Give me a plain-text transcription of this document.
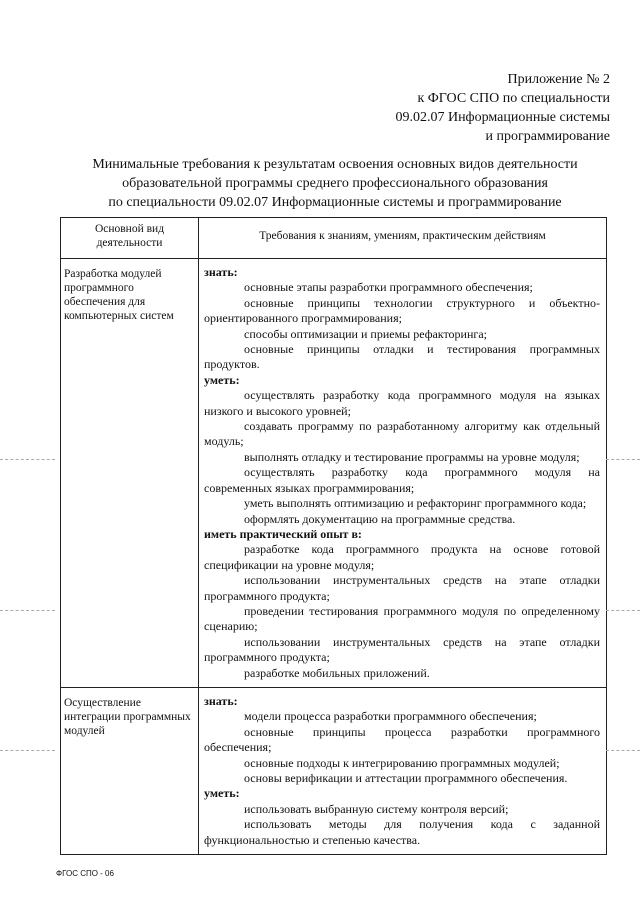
Приложение № 2
к ФГОС СПО по специальности
09.02.07 Информационные системы
и программирование
Минимальные требования к результатам освоения основных видов деятельности
образовательной программы среднего профессионального образования
по специальности 09.02.07 Информационные системы и программирование
Основной вид деятельности
Требования к знаниям, умениям, практическим действиям
Разработка модулей программного обеспечения для компьютерных систем
знать:
основные этапы разработки программного обеспечения;
основные принципы технологии структурного и объектно-ориентированного программирования;
способы оптимизации и приемы рефакторинга;
основные принципы отладки и тестирования программных продуктов.
уметь:
осуществлять разработку кода программного модуля на языках низкого и высокого уровней;
создавать программу по разработанному алгоритму как отдельный модуль;
выполнять отладку и тестирование программы на уровне модуля;
осуществлять разработку кода программного модуля на современных языках программирования;
уметь выполнять оптимизацию и рефакторинг программного кода;
оформлять документацию на программные средства.
иметь практический опыт в:
разработке кода программного продукта на основе готовой спецификации на уровне модуля;
использовании инструментальных средств на этапе отладки программного продукта;
проведении тестирования программного модуля по определенному сценарию;
использовании инструментальных средств на этапе отладки программного продукта;
разработке мобильных приложений.
Осуществление интеграции программных модулей
знать:
модели процесса разработки программного обеспечения;
основные принципы процесса разработки программного обеспечения;
основные подходы к интегрированию программных модулей;
основы верификации и аттестации программного обеспечения.
уметь:
использовать выбранную систему контроля версий;
использовать методы для получения кода с заданной функциональностью и степенью качества.
ФГОС СПО - 06
